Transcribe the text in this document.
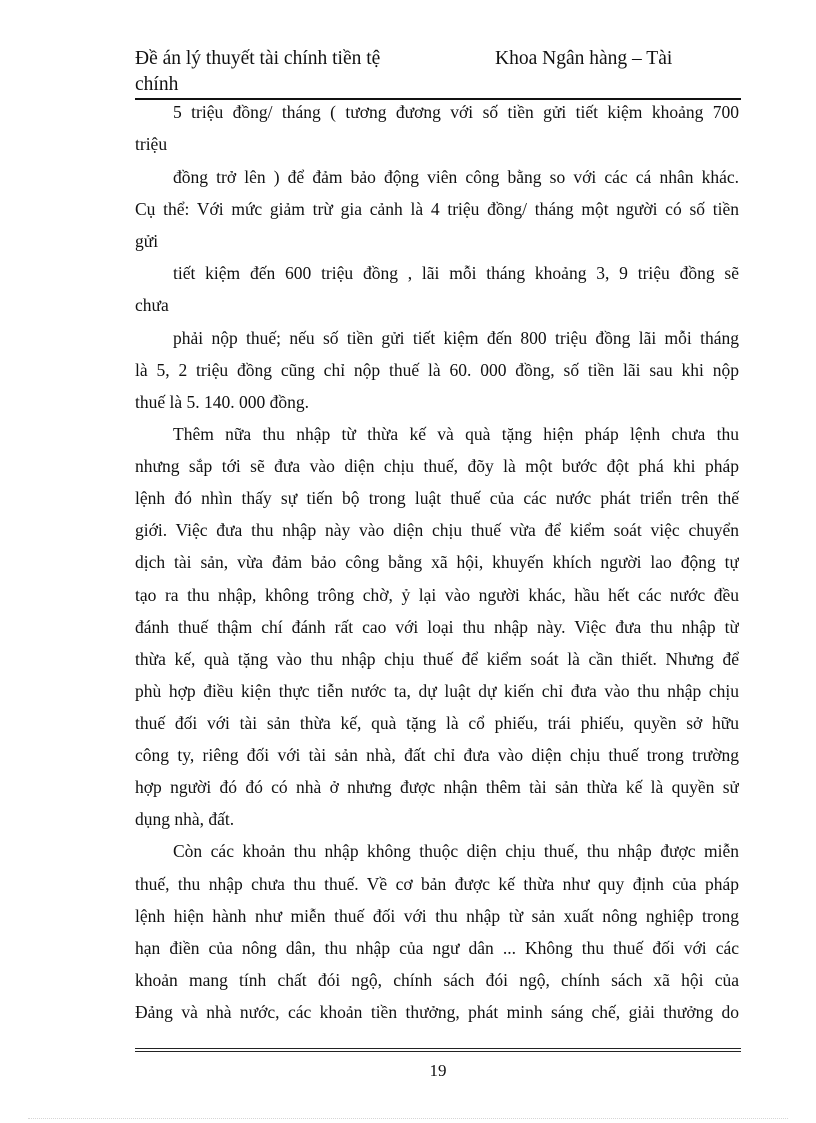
Đề án lý thuyết tài chính tiền tệ	Khoa Ngân hàng – Tài
chính
5 triệu đồng/ tháng ( tương đương với số tiền gửi tiết kiệm khoảng 700
triệu
đồng trở lên ) để đảm bảo động viên công bằng so với các cá nhân khác.
Cụ thể: Với mức giảm trừ gia cảnh là 4 triệu đồng/ tháng một người có số tiền
gửi
tiết kiệm đến 600 triệu đồng , lãi mỗi tháng khoảng 3, 9 triệu đồng sẽ
chưa
phải nộp thuế; nếu số tiền gửi tiết kiệm đến 800 triệu đồng lãi mỗi tháng
là 5, 2 triệu đồng cũng chỉ nộp thuế là 60. 000 đồng, số tiền lãi sau khi nộp
thuế là 5. 140. 000 đồng.
Thêm nữa thu nhập từ thừa kế và quà tặng hiện pháp lệnh chưa thu
nhưng sắp tới sẽ đưa vào diện chịu thuế, đõy là một bước đột phá khi pháp
lệnh đó nhìn thấy sự tiến bộ trong luật thuế của các nước phát triển trên thế
giới. Việc đưa thu nhập này vào diện chịu thuế vừa để kiểm soát việc chuyển
dịch tài sản, vừa đảm bảo công bằng xã hội, khuyến khích người lao động tự
tạo ra thu nhập, không trông chờ, ỷ lại vào người khác, hầu hết các nước đều
đánh thuế thậm chí đánh rất cao với loại thu nhập này. Việc đưa thu nhập từ
thừa kế, quà tặng vào thu nhập chịu thuế để kiểm soát là cần thiết. Nhưng để
phù hợp điều kiện thực tiễn nước ta, dự luật dự kiến chỉ đưa vào thu nhập chịu
thuế đối với tài sản thừa kế, quà tặng là cổ phiếu, trái phiếu, quyền sở hữu
công ty, riêng đối với tài sản nhà, đất chỉ đưa vào diện chịu thuế trong trường
hợp người đó đó có nhà ở nhưng được nhận thêm tài sản thừa kế là quyền sử
dụng nhà, đất.
Còn các khoản thu nhập không thuộc diện chịu thuế, thu nhập được miễn
thuế, thu nhập chưa thu thuế. Về cơ bản được kế thừa như quy định của pháp
lệnh hiện hành như miễn thuế đối với thu nhập từ sản xuất nông nghiệp trong
hạn điền của nông dân, thu nhập của ngư dân ... Không thu thuế đối với các
khoản mang tính chất đói ngộ, chính sách đói ngộ, chính sách xã hội của
Đảng và nhà nước, các khoản tiền thưởng, phát minh sáng chế, giải thưởng do
19
